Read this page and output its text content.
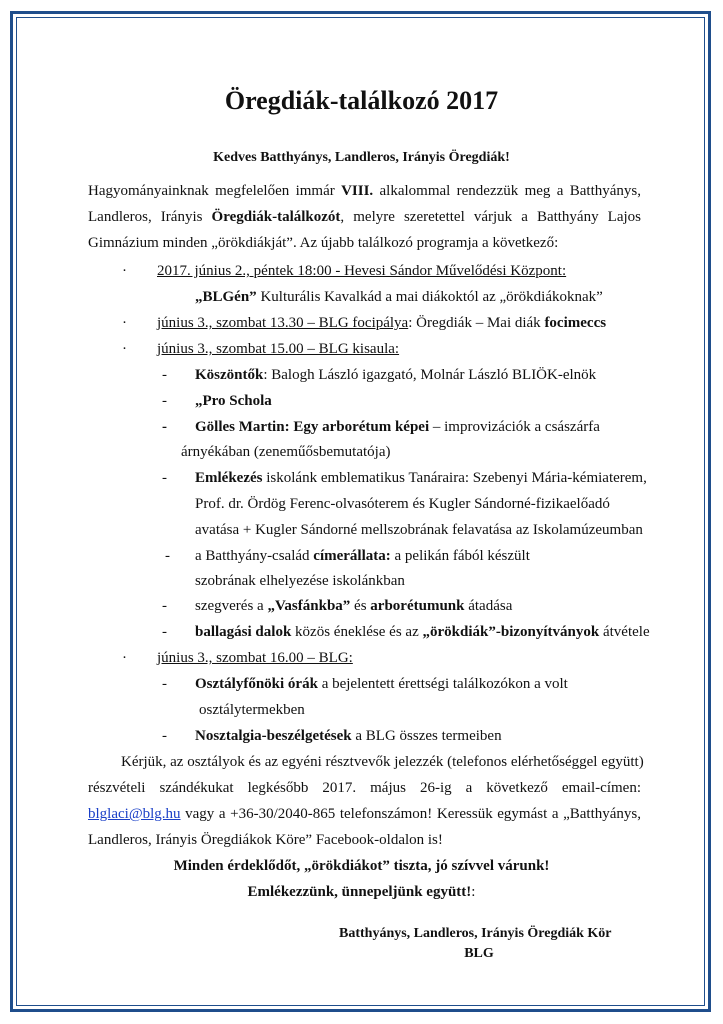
Öregdiák-találkozó 2017
Kedves Batthyánys, Landleros, Irányis Öregdiák!
Hagyományainknak megfelelően immár VIII. alkalommal rendezzük meg a Batthyánys,
Landleros, Irányis Öregdiák-találkozót, melyre szeretettel várjuk a Batthyány Lajos
Gimnázium minden „örökdiákját”. Az újabb találkozó programja a következő:
· 2017. június 2., péntek 18:00 - Hevesi Sándor Művelődési Központ:
„BLGén” Kulturális Kavalkád a mai diákoktól az „örökdiákoknak”
· június 3., szombat 13.30 – BLG focipálya: Öregdiák – Mai diák focimeccs
· június 3., szombat 15.00 – BLG kisaula:
- Köszöntők: Balogh László igazgató, Molnár László BLIÖK-elnök
- „Pro Schola
- Gölles Martin: Egy arborétum képei – improvizációk a császárfa
árnyékában (zeneműősbemutatója)
- Emlékezés iskolánk emblematikus Tanáraira: Szebenyi Mária-kémiaterem,
Prof. dr. Ördög Ferenc-olvasóterem és Kugler Sándorné-fizikaelőadó
avatása + Kugler Sándorné mellszobrának felavatása az Iskolamúzeumban
- a Batthyány-család címerállata: a pelikán fából készült
szobrának elhelyezése iskolánkban
- szegverés a „Vasfánkba” és arborétumunk átadása
- ballagási dalok közös éneklése és az „örökdiák”-bizonyítványok átvétele
· június 3., szombat 16.00 – BLG:
- Osztályfőnöki órák a bejelentett érettségi találkozókon a volt
osztálytermekben
- Nosztalgia-beszélgetések a BLG összes termeiben
Kérjük, az osztályok és az egyéni résztvevők jelezzék (telefonos elérhetőséggel együtt)
részvételi szándékukat legkésőbb 2017. május 26-ig a következő email-címen:
blglaci@blg.hu vagy a +36-30/2040-865 telefonszámon! Keressük egymást a „Batthyánys,
Landleros, Irányis Öregdiákok Köre” Facebook-oldalon is!
Minden érdeklődőt, „örökdiákot” tiszta, jó szívvel várunk!
Emlékezzünk, ünnepeljünk együtt!:
Batthyánys, Landleros, Irányis Öregdiák Kör
BLG
